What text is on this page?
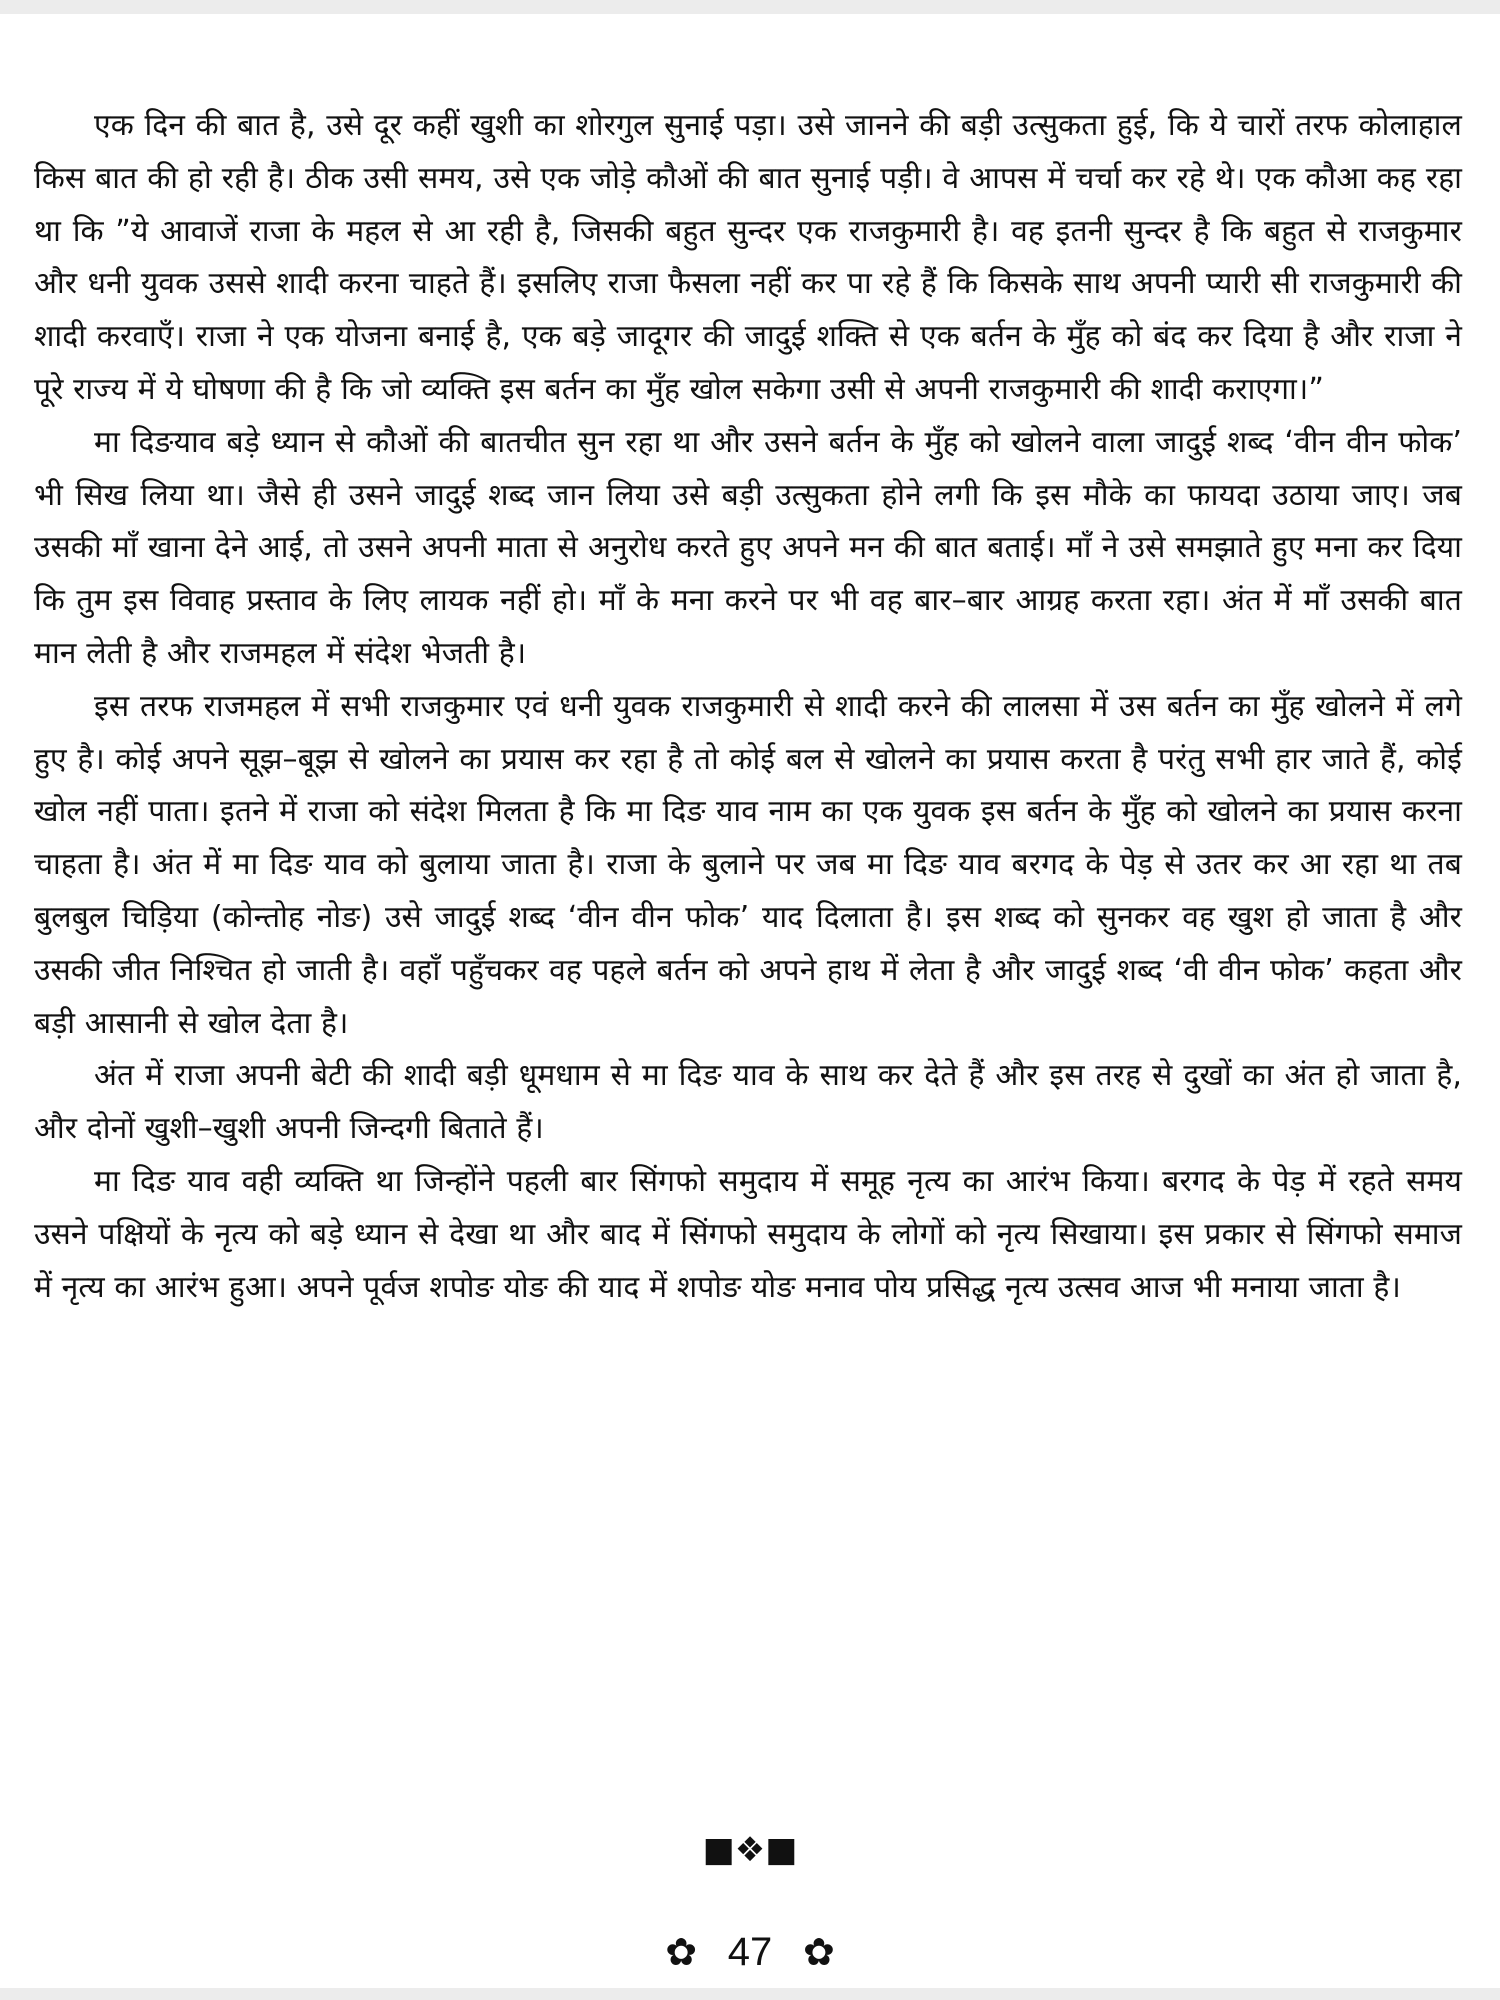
एक दिन की बात है, उसे दूर कहीं खुशी का शोरगुल सुनाई पड़ा। उसे जानने की बड़ी उत्सुकता हुई, कि ये चारों तरफ कोलाहाल किस बात की हो रही है। ठीक उसी समय, उसे एक जोड़े कौओं की बात सुनाई पड़ी। वे आपस में चर्चा कर रहे थे। एक कौआ कह रहा था कि ”ये आवाजें राजा के महल से आ रही है, जिसकी बहुत सुन्दर एक राजकुमारी है। वह इतनी सुन्दर है कि बहुत से राजकुमार और धनी युवक उससे शादी करना चाहते हैं। इसलिए राजा फैसला नहीं कर पा रहे हैं कि किसके साथ अपनी प्यारी सी राजकुमारी की शादी करवाएँ। राजा ने एक योजना बनाई है, एक बड़े जादूगर की जादुई शक्ति से एक बर्तन के मुँह को बंद कर दिया है और राजा ने पूरे राज्य में ये घोषणा की है कि जो व्यक्ति इस बर्तन का मुँह खोल सकेगा उसी से अपनी राजकुमारी की शादी कराएगा।”

मा दिङयाव बड़े ध्यान से कौओं की बातचीत सुन रहा था और उसने बर्तन के मुँह को खोलने वाला जादुई शब्द ‘वीन वीन फोक’ भी सिख लिया था। जैसे ही उसने जादुई शब्द जान लिया उसे बड़ी उत्सुकता होने लगी कि इस मौके का फायदा उठाया जाए। जब उसकी माँ खाना देने आई, तो उसने अपनी माता से अनुरोध करते हुए अपने मन की बात बताई। माँ ने उसे समझाते हुए मना कर दिया कि तुम इस विवाह प्रस्ताव के लिए लायक नहीं हो। माँ के मना करने पर भी वह बार–बार आग्रह करता रहा। अंत में माँ उसकी बात मान लेती है और राजमहल में संदेश भेजती है।

इस तरफ राजमहल में सभी राजकुमार एवं धनी युवक राजकुमारी से शादी करने की लालसा में उस बर्तन का मुँह खोलने में लगे हुए है। कोई अपने सूझ–बूझ से खोलने का प्रयास कर रहा है तो कोई बल से खोलने का प्रयास करता है परंतु सभी हार जाते हैं, कोई खोल नहीं पाता। इतने में राजा को संदेश मिलता है कि मा दिङ याव नाम का एक युवक इस बर्तन के मुँह को खोलने का प्रयास करना चाहता है। अंत में मा दिङ याव को बुलाया जाता है। राजा के बुलाने पर जब मा दिङ याव बरगद के पेड़ से उतर कर आ रहा था तब बुलबुल चिड़िया (कोन्तोह नोङ) उसे जादुई शब्द ‘वीन वीन फोक’ याद दिलाता है। इस शब्द को सुनकर वह खुश हो जाता है और उसकी जीत निश्चित हो जाती है। वहाँ पहुँचकर वह पहले बर्तन को अपने हाथ में लेता है और जादुई शब्द ‘वी वीन फोक’ कहता और बड़ी आसानी से खोल देता है।

अंत में राजा अपनी बेटी की शादी बड़ी धूमधाम से मा दिङ याव के साथ कर देते हैं और इस तरह से दुखों का अंत हो जाता है, और दोनों खुशी–खुशी अपनी जिन्दगी बिताते हैं।

मा दिङ याव वही व्यक्ति था जिन्होंने पहली बार सिंगफो समुदाय में समूह नृत्य का आरंभ किया। बरगद के पेड़ में रहते समय उसने पक्षियों के नृत्य को बड़े ध्यान से देखा था और बाद में सिंगफो समुदाय के लोगों को नृत्य सिखाया। इस प्रकार से सिंगफो समाज में नृत्य का आरंभ हुआ। अपने पूर्वज शपोङ योङ की याद में शपोङ योङ मनाव पोय प्रसिद्ध नृत्य उत्सव आज भी मनाया जाता है।

■❖■
✿ 47 ✿
